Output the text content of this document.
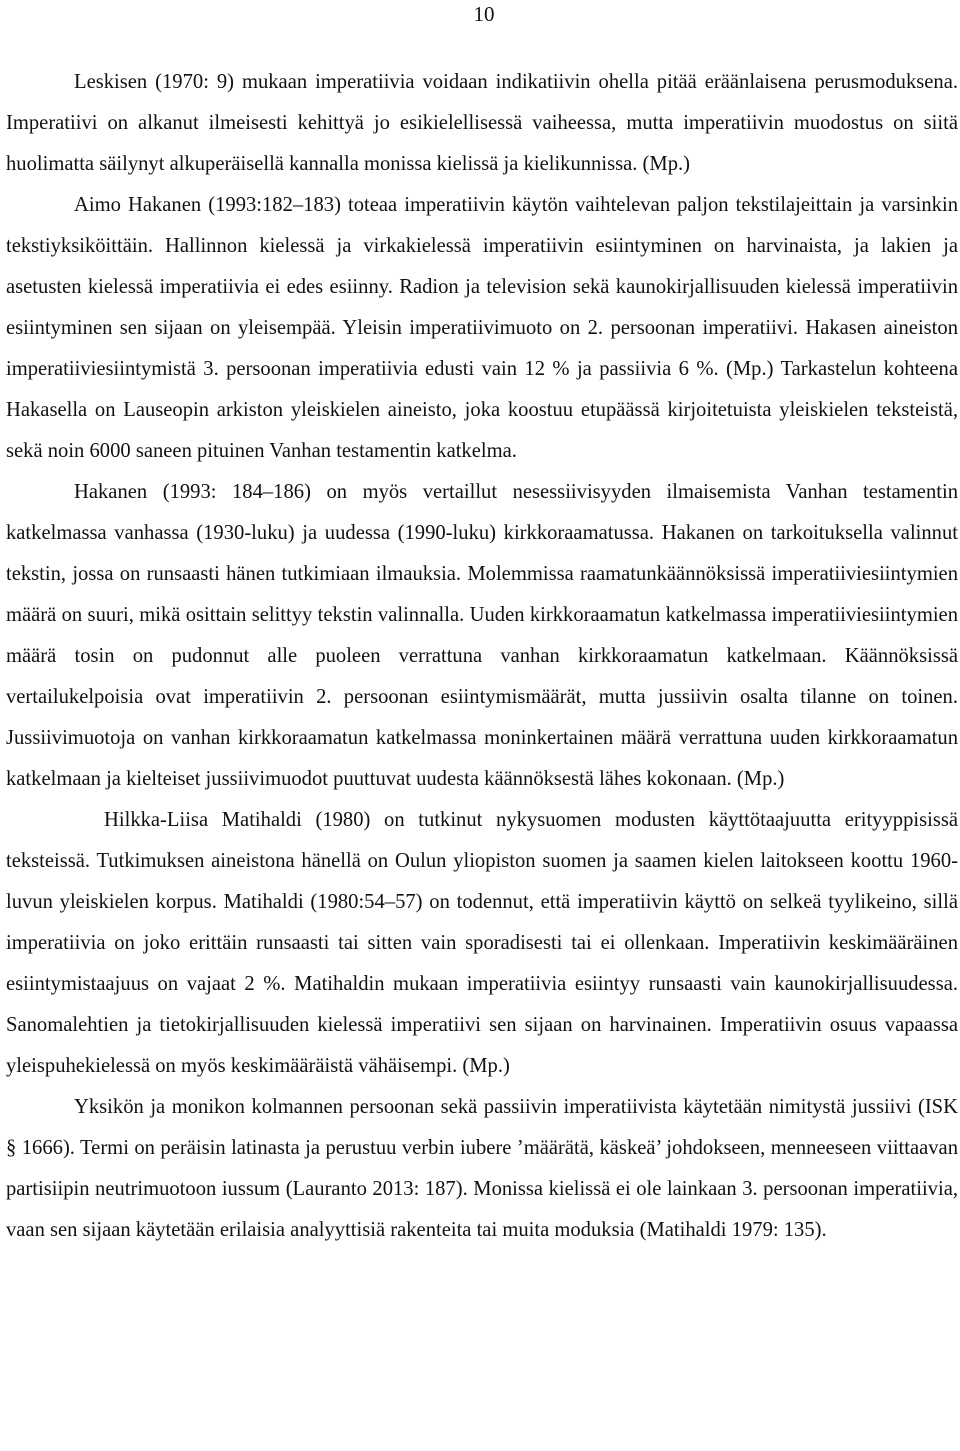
10

Leskisen (1970: 9) mukaan imperatiivia voidaan indikatiivin ohella pitää eräänlaisena perusmoduksena. Imperatiivi on alkanut ilmeisesti kehittyä jo esikielellisessä vaiheessa, mutta imperatiivin muodostus on siitä huolimatta säilynyt alkuperäisellä kannalla monissa kielissä ja kielikunnissa. (Mp.)

Aimo Hakanen (1993:182–183) toteaa imperatiivin käytön vaihtelevan paljon tekstilajeittain ja varsinkin tekstiyksiköittäin. Hallinnon kielessä ja virkakielessä imperatiivin esiintyminen on harvinaista, ja lakien ja asetusten kielessä imperatiivia ei edes esiinny. Radion ja television sekä kaunokirjallisuuden kielessä imperatiivin esiintyminen sen sijaan on yleisempää. Yleisin imperatiivimuoto on 2. persoonan imperatiivi. Hakasen aineiston imperatiiviesiintymistä 3. persoonan imperatiivia edusti vain 12 % ja passiivia 6 %. (Mp.) Tarkastelun kohteena Hakasella on Lauseopin arkiston yleiskielen aineisto, joka koostuu etupäässä kirjoitetuista yleiskielen teksteistä, sekä noin 6000 saneen pituinen Vanhan testamentin katkelma.

Hakanen (1993: 184–186) on myös vertaillut nesessiivisyyden ilmaisemista Vanhan testamentin katkelmassa vanhassa (1930-luku) ja uudessa (1990-luku) kirkkoraamatussa. Hakanen on tarkoituksella valinnut tekstin, jossa on runsaasti hänen tutkimiaan ilmauksia. Molemmissa raamatunkäännöksissä imperatiiviesiintymien määrä on suuri, mikä osittain selittyy tekstin valinnalla. Uuden kirkkoraamatun katkelmassa imperatiiviesiintymien määrä tosin on pudonnut alle puoleen verrattuna vanhan kirkkoraamatun katkelmaan. Käännöksissä vertailukelpoisia ovat imperatiivin 2. persoonan esiintymismäärät, mutta jussiivin osalta tilanne on toinen. Jussiivimuotoja on vanhan kirkkoraamatun katkelmassa moninkertainen määrä verrattuna uuden kirkkoraamatun katkelmaan ja kielteiset jussiivimuodot puuttuvat uudesta käännöksestä lähes kokonaan. (Mp.)

Hilkka-Liisa Matihaldi (1980) on tutkinut nykysuomen modusten käyttötaajuutta erityyppisissä teksteissä. Tutkimuksen aineistona hänellä on Oulun yliopiston suomen ja saamen kielen laitokseen koottu 1960-luvun yleiskielen korpus. Matihaldi (1980:54–57) on todennut, että imperatiivin käyttö on selkeä tyylikeino, sillä imperatiivia on joko erittäin runsaasti tai sitten vain sporadisesti tai ei ollenkaan. Imperatiivin keskimääräinen esiintymistaajuus on vajaat 2 %. Matihaldin mukaan imperatiivia esiintyy runsaasti vain kaunokirjallisuudessa. Sanomalehtien ja tietokirjallisuuden kielessä imperatiivi sen sijaan on harvinainen. Imperatiivin osuus vapaassa yleispuhekielessä on myös keskimääräistä vähäisempi. (Mp.)

Yksikön ja monikon kolmannen persoonan sekä passiivin imperatiivista käytetään nimitystä jussiivi (ISK § 1666). Termi on peräisin latinasta ja perustuu verbin iubere ’määrätä, käskeä’ johdokseen, menneeseen viittaavan partisiipin neutrimuotoon iussum (Lauranto 2013: 187). Monissa kielissä ei ole lainkaan 3. persoonan imperatiivia, vaan sen sijaan käytetään erilaisia analyyttisiä rakenteita tai muita moduksia (Matihaldi 1979: 135).
